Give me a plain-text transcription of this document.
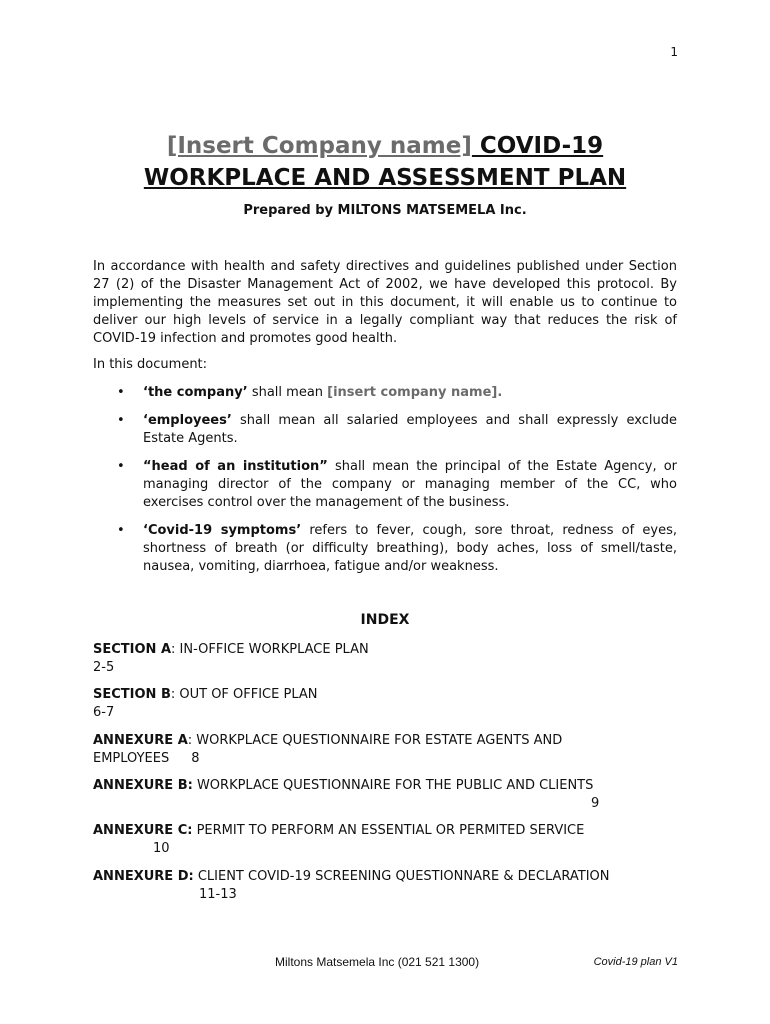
1
[Insert Company name] COVID-19
WORKPLACE AND ASSESSMENT PLAN
Prepared by MILTONS MATSEMELA Inc.

In accordance with health and safety directives and guidelines published under Section 27 (2) of the Disaster Management Act of 2002, we have developed this protocol. By implementing the measures set out in this document, it will enable us to continue to deliver our high levels of service in a legally compliant way that reduces the risk of COVID-19 infection and promotes good health.

In this document:

• ‘the company’ shall mean [insert company name].
• ‘employees’ shall mean all salaried employees and shall expressly exclude Estate Agents.
• “head of an institution” shall mean the principal of the Estate Agency, or managing director of the company or managing member of the CC, who exercises control over the management of the business.
• ‘Covid-19 symptoms’ refers to fever, cough, sore throat, redness of eyes, shortness of breath (or difficulty breathing), body aches, loss of smell/taste, nausea, vomiting, diarrhoea, fatigue and/or weakness.
INDEX
SECTION A: IN-OFFICE WORKPLACE PLAN
2-5
SECTION B: OUT OF OFFICE PLAN
6-7
ANNEXURE A: WORKPLACE QUESTIONNAIRE FOR ESTATE AGENTS AND EMPLOYEES 8
ANNEXURE B: WORKPLACE QUESTIONNAIRE FOR THE PUBLIC AND CLIENTS
9
ANNEXURE C: PERMIT TO PERFORM AN ESSENTIAL OR PERMITED SERVICE
10
ANNEXURE D: CLIENT COVID-19 SCREENING QUESTIONNARE & DECLARATION
11-13
Miltons Matsemela Inc (021 521 1300)	Covid-19 plan V1
